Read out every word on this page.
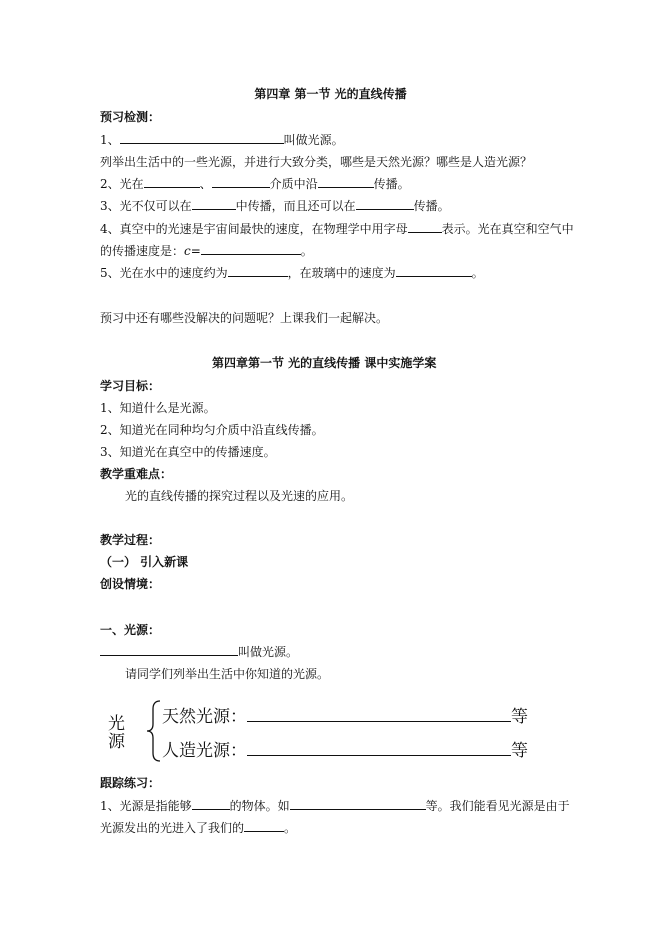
第四章 第一节 光的直线传播
预习检测：
1、	叫做光源。
列举出生活中的一些光源，并进行大致分类，哪些是天然光源？哪些是人造光源？
2、光在	、	介质中沿	传播。
3、光不仅可以在	中传播，而且还可以在	传播。
4、真空中的光速是宇宙间最快的速度，在物理学中用字母	表示。光在真空和空气中
的传播速度是：c=	。
5、光在水中的速度约为	，在玻璃中的速度为	。
预习中还有哪些没解决的问题呢？上课我们一起解决。
第四章第一节 光的直线传播 课中实施学案
学习目标：
1、知道什么是光源。
2、知道光在同种均匀介质中沿直线传播。
3、知道光在真空中的传播速度。
教学重难点：
光的直线传播的探究过程以及光速的应用。
教学过程：
（一） 引入新课
创设情境：
一、光源：
叫做光源。
请同学们列举出生活中你知道的光源。
光
源
天然光源：	等
人造光源：	等
跟踪练习：
1、光源是指能够	的物体。如	等。我们能看见光源是由于
光源发出的光进入了我们的	。
